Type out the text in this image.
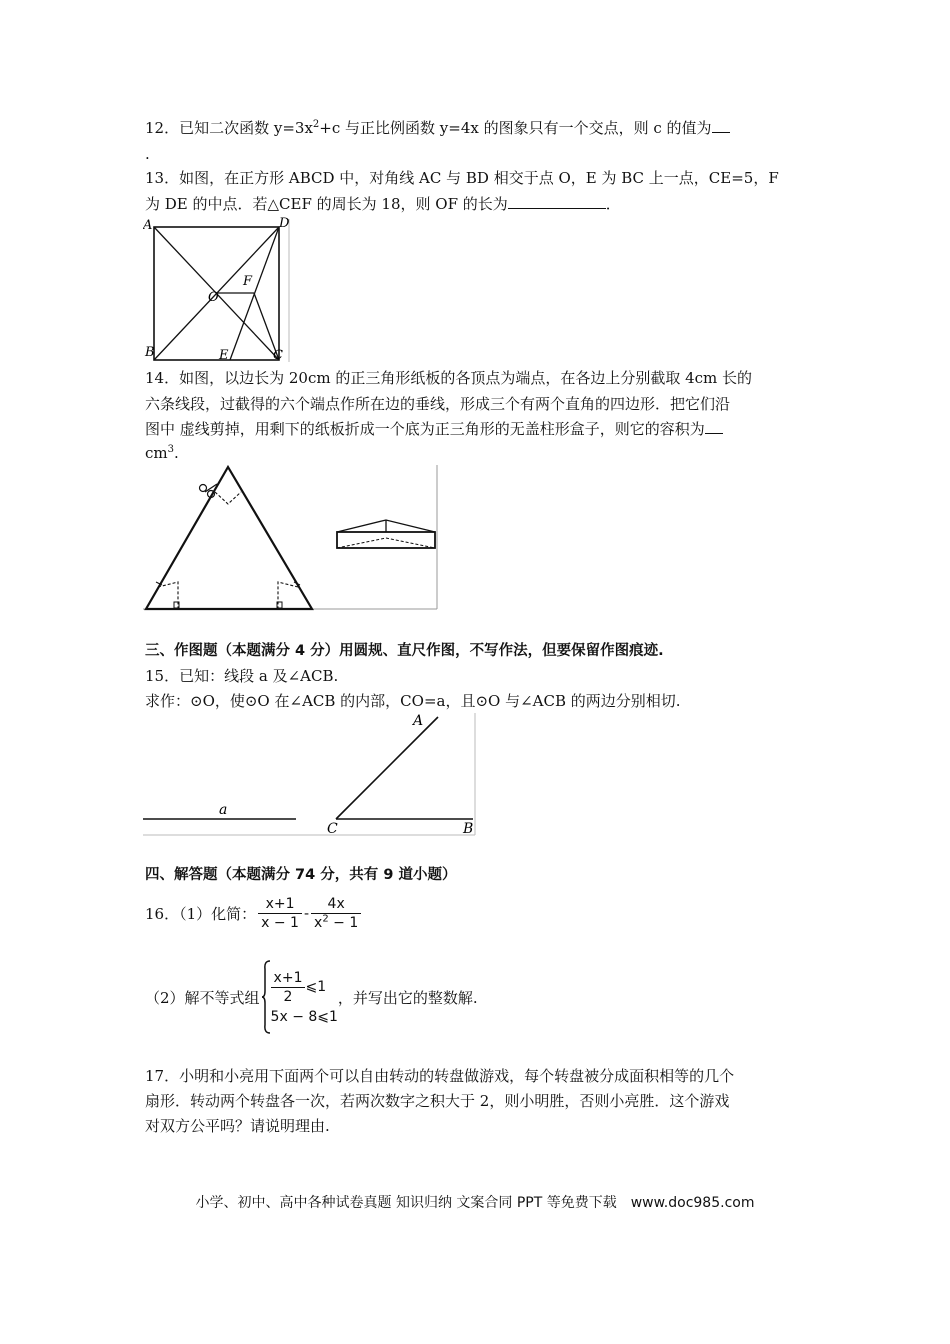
12．已知二次函数 $y=3x^2+c$ 与正比例函数 y=4x 的图象只有一个交点，则 c 的值为
.
13．如图，在正方形 ABCD 中，对角线 AC 与 BD 相交于点 O，E 为 BC 上一点，CE=5，F
为 DE 的中点．若△CEF 的周长为 18，则 OF 的长为	．
A	D
B	C
E
F
O
14．如图，以边长为 20cm 的正三角形纸板的各顶点为端点，在各边上分别截取 4cm 长的
六条线段，过截得的六个端点作所在边的垂线，形成三个有两个直角的四边形．把它们沿
图中 虚线剪掉，用剩下的纸板折成一个底为正三角形的无盖柱形盒子，则它的容积为
$cm^3$.
三、作图题（本题满分 4 分）用圆规、直尺作图，不写作法，但要保留作图痕迹.
15．已知：线段 a 及∠ACB.
求作：⊙O，使⊙O 在∠ACB 的内部，CO=a，且⊙O 与∠ACB 的两边分别相切.
a
A
C	B
四、解答题（本题满分 74 分，共有 9 道小题）
16．（1）化简： $\frac{x+1}{x - 1} - \frac{4x}{x^2 - 1}$
（2）解不等式组 $\frac{x+1}{2}$ ⩽1
5x − 8⩽1
，并写出它的整数解.
17．小明和小亮用下面两个可以自由转动的转盘做游戏，每个转盘被分成面积相等的几个
扇形．转动两个转盘各一次，若两次数字之积大于 2，则小明胜，否则小亮胜．这个游戏
对双方公平吗？请说明理由.
小学、初中、高中各种试卷真题 知识归纳 文案合同 PPT 等免费下载　www.doc985.com
